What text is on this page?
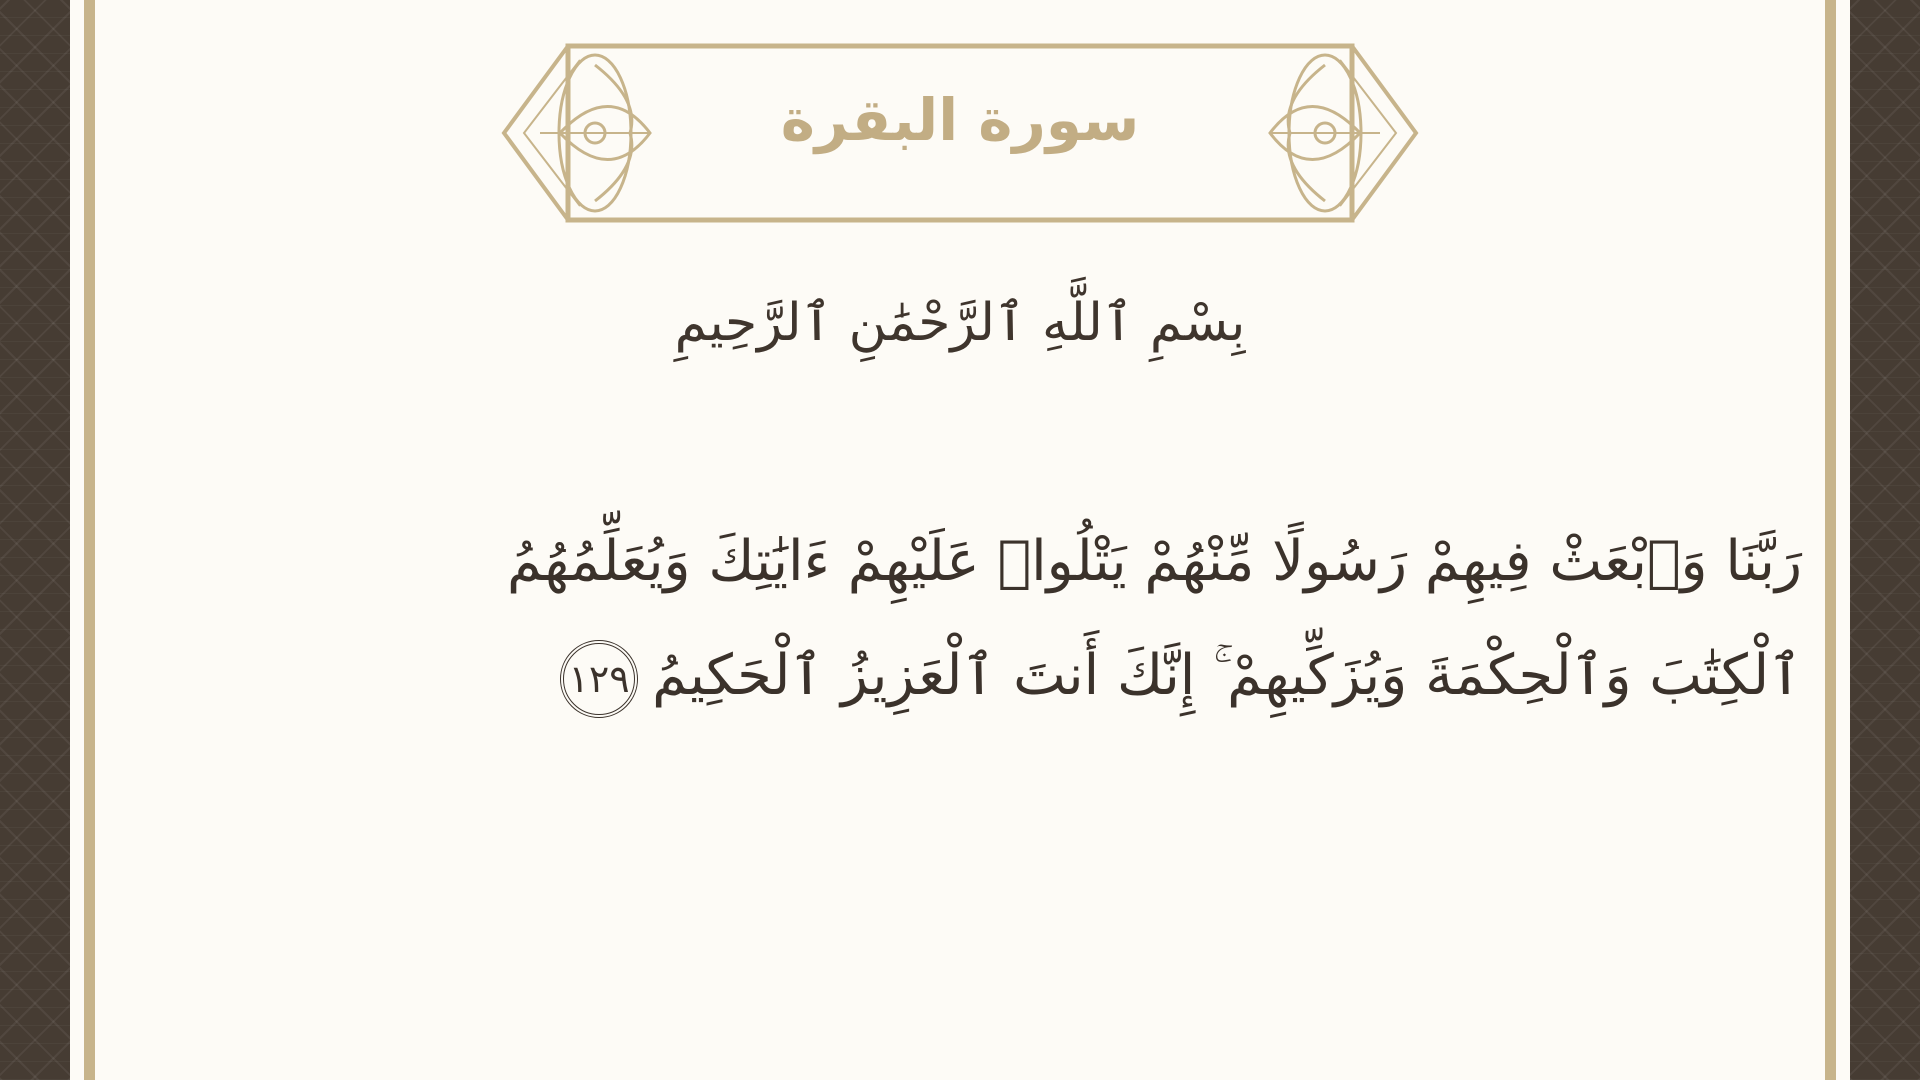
سورة البقرة
بِسْمِ ٱللَّهِ ٱلرَّحْمَٰنِ ٱلرَّحِيمِ
رَبَّنَا وَٱبْعَثْ فِيهِمْ رَسُولًا مِّنْهُمْ يَتْلُوا۟ عَلَيْهِمْ ءَايَٰتِكَ وَيُعَلِّمُهُمُ
ٱلْكِتَٰبَ وَٱلْحِكْمَةَ وَيُزَكِّيهِمْ ۚ إِنَّكَ أَنتَ ٱلْعَزِيزُ ٱلْحَكِيمُ
١٢٩
